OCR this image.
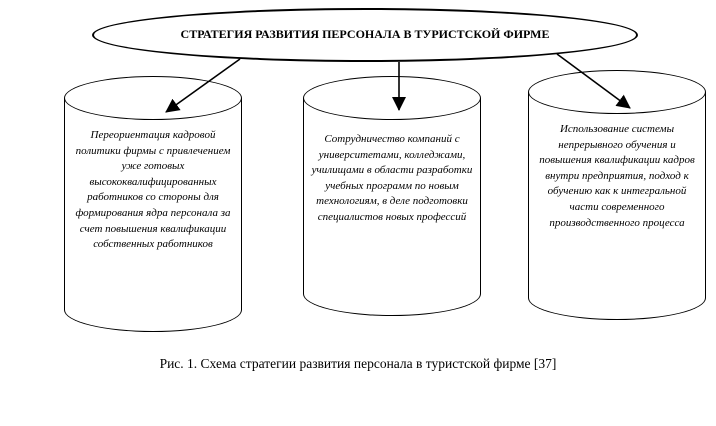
СТРАТЕГИЯ РАЗВИТИЯ ПЕРСОНАЛА В ТУРИСТСКОЙ ФИРМЕ
Переориентация кадровой политики фирмы с привлечением уже готовых высококвалифицированных работников со стороны для формирования ядра персонала за счет повышения квалификации собственных работников
Сотрудничество компаний с университетами, колледжами, училищами в области разработки учебных программ по новым технологиям, в деле подготовки специалистов новых профессий
Использование системы непрерывного обучения и повышения квалификации кадров внутри предприятия, подход к обучению как к интегральной части современного производственного процесса
Рис. 1. Схема стратегии развития персонала в туристской фирме [37]
